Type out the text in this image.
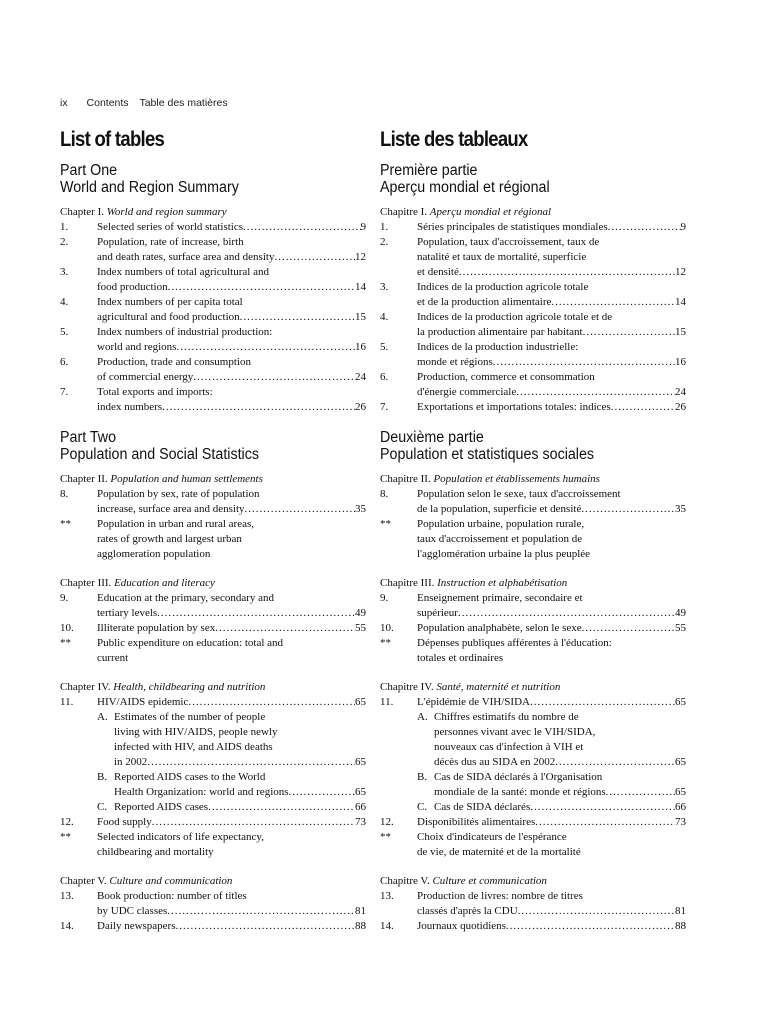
ix Contents Table des matières
List of tables
Part One
World and Region Summary
Chapter I. World and region summary
1.	Selected series of world statistics .....	9
2.	Population, rate of increase, birth
and death rates, surface area and density .....	12
3.	Index numbers of total agricultural and
food production .....	14
4.	Index numbers of per capita total
agricultural and food production .....	15
5.	Index numbers of industrial production:
world and regions .....	16
6.	Production, trade and consumption
of commercial energy .....	24
7.	Total exports and imports:
index numbers .....	26
Part Two
Population and Social Statistics
Chapter II. Population and human settlements
8.	Population by sex, rate of population
increase, surface area and density .....	35
**	Population in urban and rural areas,
rates of growth and largest urban
agglomeration population
Chapter III. Education and literacy
9.	Education at the primary, secondary and
tertiary levels .....	49
10.	Illiterate population by sex .....	55
**	Public expenditure on education: total and
current
Chapter IV. Health, childbearing and nutrition
11.	HIV/AIDS epidemic .....	65
A. Estimates of the number of people
living with HIV/AIDS, people newly
infected with HIV, and AIDS deaths
in 2002 .....	65
B. Reported AIDS cases to the World
Health Organization: world and regions .....	65
C. Reported AIDS cases .....	66
12.	Food supply .....	73
**	Selected indicators of life expectancy,
childbearing and mortality
Chapter V. Culture and communication
13.	Book production: number of titles
by UDC classes .....	81
14.	Daily newspapers .....	88
Liste des tableaux
Première partie
Aperçu mondial et régional
Chapitre I. Aperçu mondial et régional
1.	Séries principales de statistiques mondiales .....	9
2.	Population, taux d'accroissement, taux de
natalité et taux de mortalité, superficie
et densité .....	12
3.	Indices de la production agricole totale
et de la production alimentaire .....	14
4.	Indices de la production agricole totale et de
la production alimentaire par habitant .....	15
5.	Indices de la production industrielle:
monde et régions .....	16
6.	Production, commerce et consommation
d'énergie commerciale .....	24
7.	Exportations et importations totales: indices .....	26
Deuxième partie
Population et statistiques sociales
Chapitre II. Population et établissements humains
8.	Population selon le sexe, taux d'accroissement
de la population, superficie et densité .....	35
**	Population urbaine, population rurale,
taux d'accroissement et population de
l'agglomération urbaine la plus peuplée
Chapitre III. Instruction et alphabétisation
9.	Enseignement primaire, secondaire et
supérieur .....	49
10.	Population analphabète, selon le sexe .....	55
**	Dépenses publiques afférentes à l'éducation:
totales et ordinaires
Chapitre IV. Santé, maternité et nutrition
11.	L'épidémie de VIH/SIDA .....	65
A. Chiffres estimatifs du nombre de
personnes vivant avec le VIH/SIDA,
nouveaux cas d'infection à VIH et
décès dus au SIDA en 2002 .....	65
B. Cas de SIDA déclarés à l'Organisation
mondiale de la santé: monde et régions .....	65
C. Cas de SIDA déclarés .....	66
12.	Disponibilités alimentaires .....	73
**	Choix d'indicateurs de l'espérance
de vie, de maternité et de la mortalité
Chapitre V. Culture et communication
13.	Production de livres: nombre de titres
classés d'après la CDU .....	81
14.	Journaux quotidiens .....	88
